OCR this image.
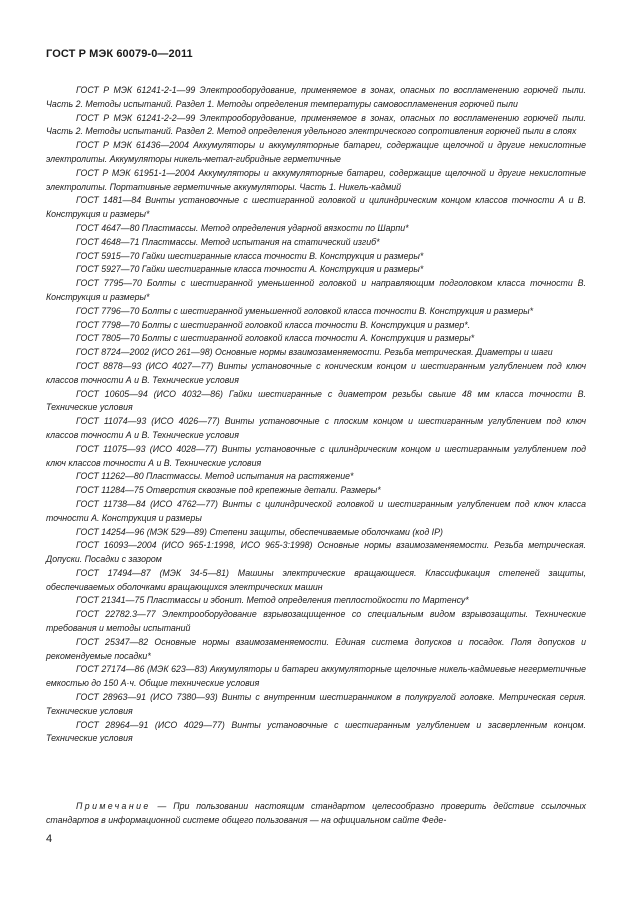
ГОСТ Р МЭК 60079-0—2011

ГОСТ Р МЭК 61241-2-1—99 Электрооборудование, применяемое в зонах, опасных по воспламенению горючей пыли. Часть 2. Методы испытаний. Раздел 1. Методы определения температуры самовоспламенения горючей пыли

ГОСТ Р МЭК 61241-2-2—99 Электрооборудование, применяемое в зонах, опасных по воспламенению горючей пыли. Часть 2. Методы испытаний. Раздел 2. Метод определения удельного электрического сопротивления горючей пыли в слоях

ГОСТ Р МЭК 61436—2004 Аккумуляторы и аккумуляторные батареи, содержащие щелочной и другие некислотные электролиты. Аккумуляторы никель-метал-гибридные герметичные

ГОСТ Р МЭК 61951-1—2004 Аккумуляторы и аккумуляторные батареи, содержащие щелочной и другие некислотные электролиты. Портативные герметичные аккумуляторы. Часть 1. Никель-кадмий

ГОСТ 1481—84 Винты установочные с шестигранной головкой и цилиндрическим концом классов точности А и В. Конструкция и размеры*

ГОСТ 4647—80 Пластмассы. Метод определения ударной вязкости по Шарпи*

ГОСТ 4648—71 Пластмассы. Метод испытания на статический изгиб*

ГОСТ 5915—70 Гайки шестигранные класса точности В. Конструкция и размеры*

ГОСТ 5927—70 Гайки шестигранные класса точности А. Конструкция и размеры*

ГОСТ 7795—70 Болты с шестигранной уменьшенной головкой и направляющим подголовком класса точности В. Конструкция и размеры*

ГОСТ 7796—70 Болты с шестигранной уменьшенной головкой класса точности В. Конструкция и размеры*

ГОСТ 7798—70 Болты с шестигранной головкой класса точности В. Конструкция и размер*.

ГОСТ 7805—70 Болты с шестигранной головкой класса точности А. Конструкция и размеры*

ГОСТ 8724—2002 (ИСО 261—98) Основные нормы взаимозаменяемости. Резьба метрическая. Диаметры и шаги

ГОСТ 8878—93 (ИСО 4027—77) Винты установочные с коническим концом и шестигранным углублением под ключ классов точности А и В. Технические условия

ГОСТ 10605—94 (ИСО 4032—86) Гайки шестигранные с диаметром резьбы свыше 48 мм класса точности В. Технические условия

ГОСТ 11074—93 (ИСО 4026—77) Винты установочные с плоским концом и шестигранным углублением под ключ классов точности А и В. Технические условия

ГОСТ 11075—93 (ИСО 4028—77) Винты установочные с цилиндрическим концом и шестигранным углублением под ключ классов точности А и В. Технические условия

ГОСТ 11262—80 Пластмассы. Метод испытания на растяжение*

ГОСТ 11284—75 Отверстия сквозные под крепежные детали. Размеры*

ГОСТ 11738—84 (ИСО 4762—77) Винты с цилиндрической головкой и шестигранным углублением под ключ класса точности А. Конструкция и размеры

ГОСТ 14254—96 (МЭК 529—89) Степени защиты, обеспечиваемые оболочками (код IP)

ГОСТ 16093—2004 (ИСО 965-1:1998, ИСО 965-3:1998) Основные нормы взаимозаменяемости. Резьба метрическая. Допуски. Посадки с зазором

ГОСТ 17494—87 (МЭК 34-5—81) Машины электрические вращающиеся. Классификация степеней защиты, обеспечиваемых оболочками вращающихся электрических машин

ГОСТ 21341—75 Пластмассы и эбонит. Метод определения теплостойкости по Мартенсу*

ГОСТ 22782.3—77 Электрооборудование взрывозащищенное со специальным видом взрывозащиты. Технические требования и методы испытаний

ГОСТ 25347—82 Основные нормы взаимозаменяемости. Единая система допусков и посадок. Поля допусков и рекомендуемые посадки*

ГОСТ 27174—86 (МЭК 623—83) Аккумуляторы и батареи аккумуляторные щелочные никель-кадмиевые негерметичные емкостью до 150 А·ч. Общие технические условия

ГОСТ 28963—91 (ИСО 7380—93) Винты с внутренним шестигранником в полукруглой головке. Метрическая серия. Технические условия

ГОСТ 28964—91 (ИСО 4029—77) Винты установочные с шестигранным углублением и засверленным концом. Технические условия

Примечание — При пользовании настоящим стандартом целесообразно проверить действие ссылочных стандартов в информационной системе общего пользования — на официальном сайте Феде-

4
